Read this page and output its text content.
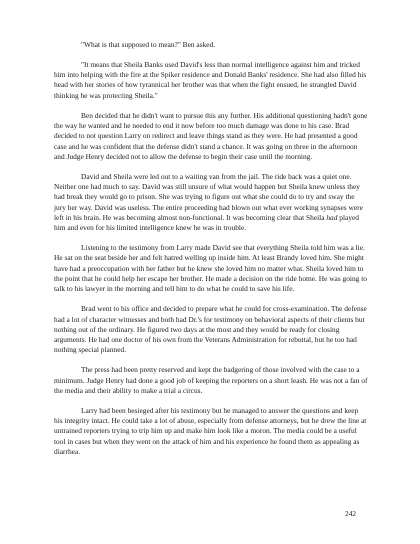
"What is that supposed to mean?" Ben asked.

"It means that Sheila Banks used David's less than normal intelligence against him and tricked him into helping with the fire at the Spiker residence and Donald Banks' residence. She had also filled his head with her stories of how tyrannical her brother was that when the fight ensued, he strangled David thinking he was protecting Sheila."

Ben decided that he didn't want to pursue this any further. His additional questioning hadn't gone the way he wanted and he needed to end it now before too much damage was done to his case. Brad decided to not question Larry on redirect and leave things stand as they were. He had presented a good case and he was confident that the defense didn't stand a chance. It was going on three in the afternoon and Judge Henry decided not to allow the defense to begin their case until the morning.

David and Sheila were led out to a waiting van from the jail. The ride back was a quiet one. Neither one had much to say. David was still unsure of what would happen but Sheila knew unless they had break they would go to prison. She was trying to figure out what she could do to try and sway the jury her way. David was useless. The entire proceeding had blown out what ever working synapses were left in his brain. He was becoming almost non-functional. It was becoming clear that Sheila had played him and even for his limited intelligence knew he was in trouble.

Listening to the testimony from Larry made David see that everything Sheila told him was a lie. He sat on the seat beside her and felt hatred welling up inside him. At least Brandy loved him. She might have had a preoccupation with her father but he knew she loved him no matter what. Sheila loved him to the point that he could help her escape her brother. He made a decision on the ride home. He was going to talk to his lawyer in the morning and tell him to do what he could to save his life.

Brad went to his office and decided to prepare what he could for cross-examination. The defense had a lot of character witnesses and both had Dr.'s for testimony on behavioral aspects of their clients but nothing out of the ordinary. He figured two days at the most and they would be ready for closing arguments. He had one doctor of his own from the Veterans Administration for rebuttal, but he too had nothing special planned.

The press had been pretty reserved and kept the badgering of those involved with the case to a minimum. Judge Henry had done a good job of keeping the reporters on a short leash. He was not a fan of the media and their ability to make a trial a circus.

Larry had been besieged after his testimony but he managed to answer the questions and keep his integrity intact. He could take a lot of abuse, especially from defense attorneys, but he drew the line at untrained reporters trying to trip him up and make him look like a moron. The media could be a useful tool in cases but when they went on the attack of him and his experience he found them as appealing as diarrhea.

242
